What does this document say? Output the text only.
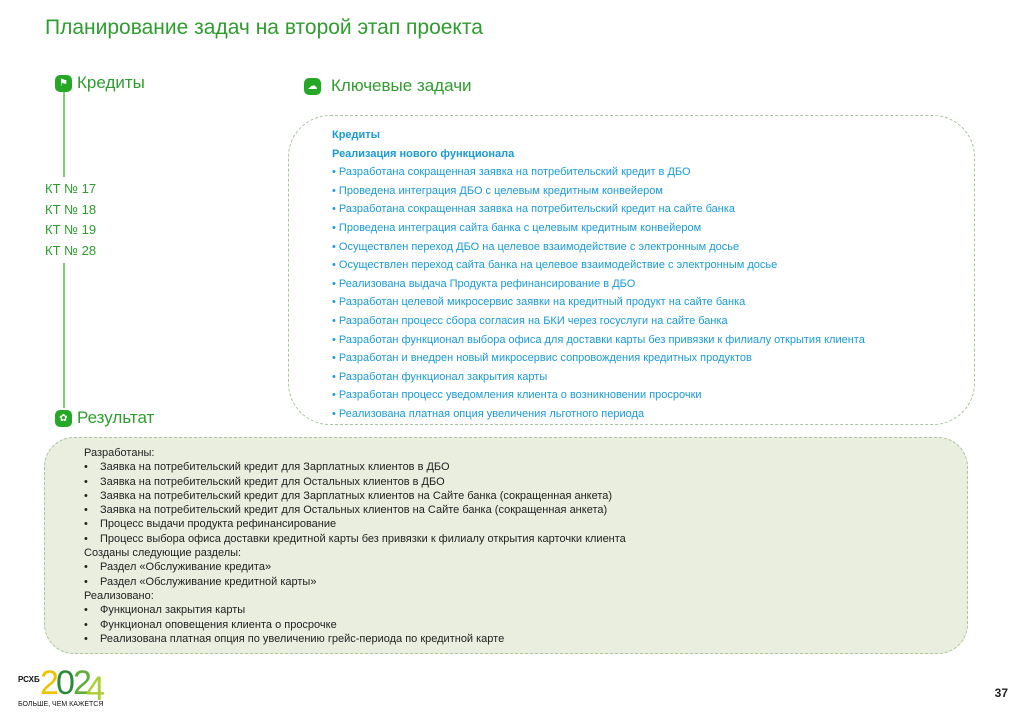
Планирование задач на второй этап проекта
⚑ Кредиты
КТ № 17
КТ № 18
КТ № 19
КТ № 28
☁ Ключевые задачи
Кредиты
Реализация нового функционала
• Разработана сокращенная заявка на потребительский кредит в ДБО
• Проведена интеграция ДБО с целевым кредитным конвейером
• Разработана сокращенная заявка на потребительский кредит на сайте банка
• Проведена интеграция сайта банка с целевым кредитным конвейером
• Осуществлен переход ДБО на целевое взаимодействие с электронным досье
• Осуществлен переход сайта банка на целевое взаимодействие с электронным досье
• Реализована выдача Продукта рефинансирование в ДБО
• Разработан целевой микросервис заявки на кредитный продукт на сайте банка
• Разработан процесс сбора согласия на БКИ через госуслуги на сайте банка
• Разработан функционал выбора офиса для доставки карты без привязки к филиалу открытия клиента
• Разработан и внедрен новый микросервис сопровождения кредитных продуктов
• Разработан функционал закрытия карты
• Разработан процесс уведомления клиента о возникновении просрочки
• Реализована платная опция увеличения льготного периода
✿ Результат
Разработаны:
•	Заявка на потребительский кредит для Зарплатных клиентов в ДБО
•	Заявка на потребительский кредит для Остальных клиентов в ДБО
•	Заявка на потребительский кредит для Зарплатных клиентов на Сайте банка (сокращенная анкета)
•	Заявка на потребительский кредит для Остальных клиентов на Сайте банка (сокращенная анкета)
•	Процесс выдачи продукта рефинансирование
•	Процесс выбора офиса доставки кредитной карты без привязки к филиалу открытия карточки клиента
Созданы следующие разделы:
•	Раздел «Обслуживание кредита»
•	Раздел «Обслуживание кредитной карты»
Реализовано:
•	Функционал закрытия карты
•	Функционал оповещения клиента о просрочке
•	Реализована платная опция по увеличению грейс-периода по кредитной карте
РСХБ 2 0 2
4
БОЛЬШЕ, ЧЕМ КАЖЕТСЯ
37
